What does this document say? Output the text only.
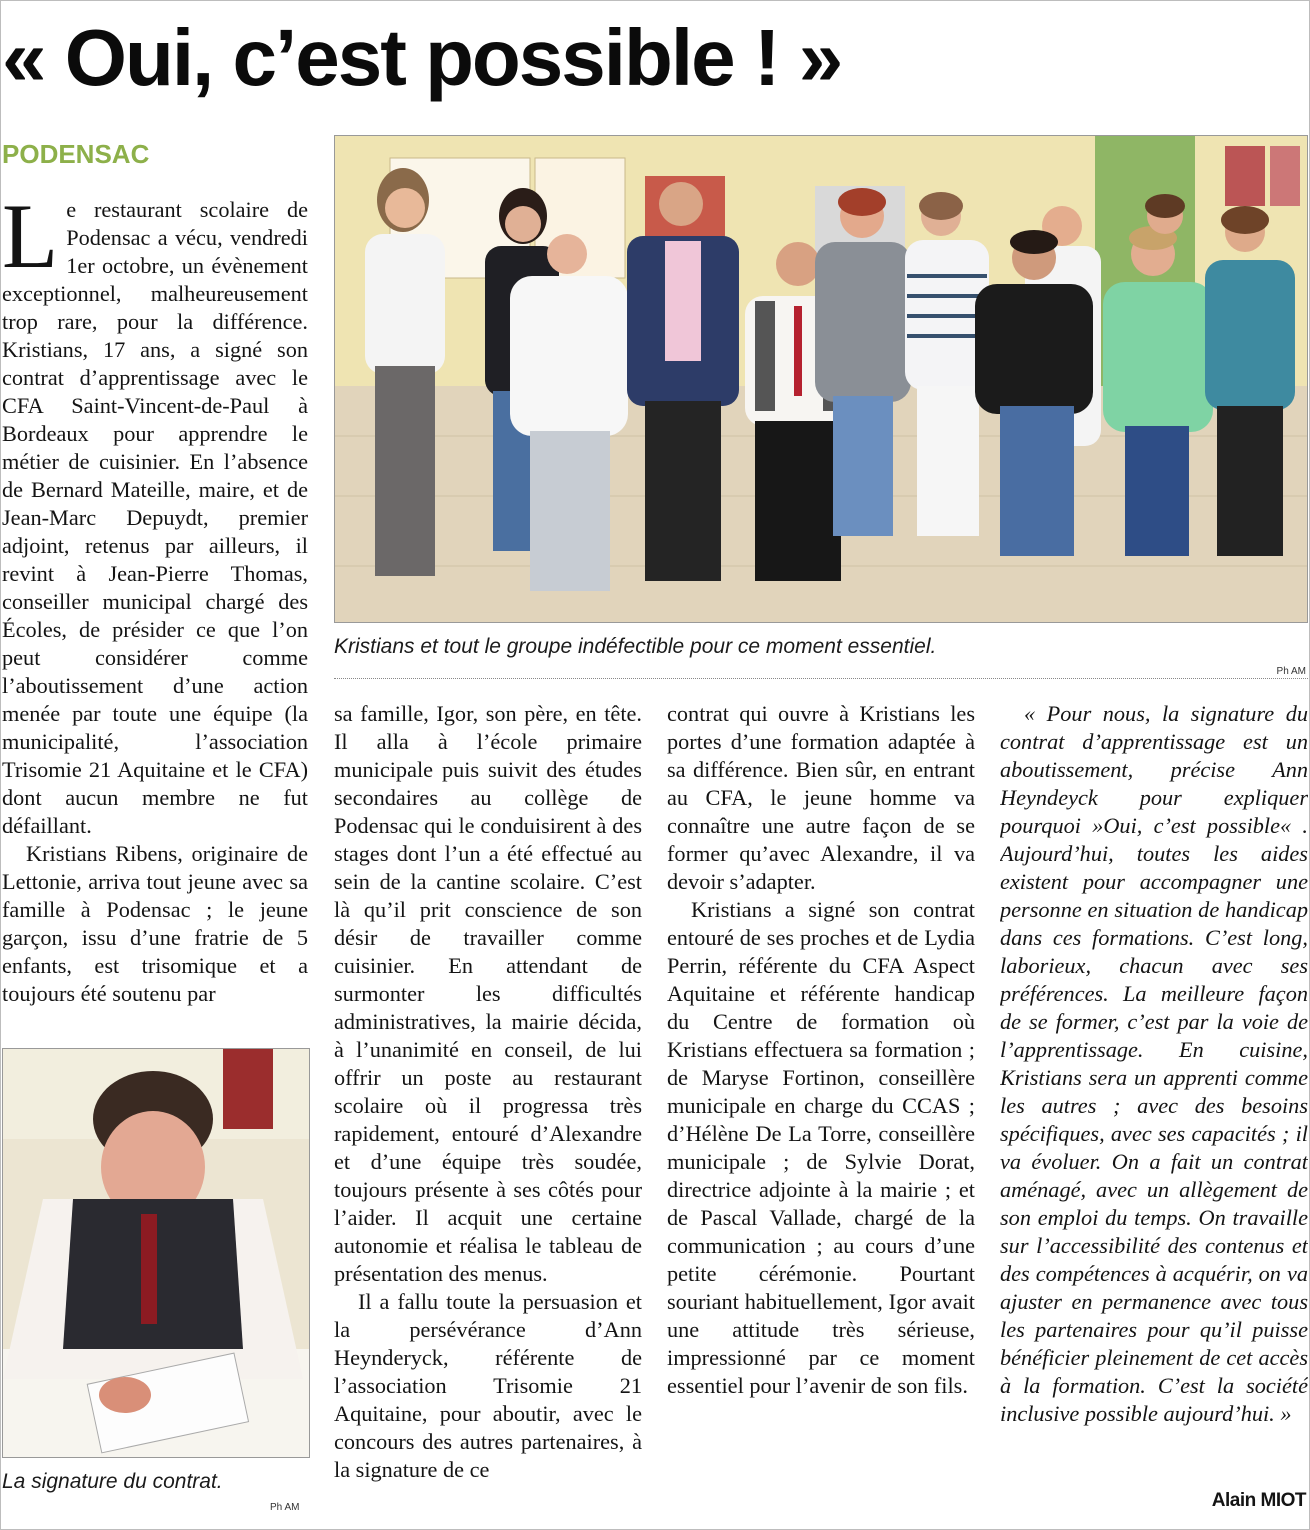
« Oui, c’est possible ! »
PODENSAC

Le restaurant scolaire de Podensac a vécu, vendredi 1er octobre, un évènement exceptionnel, malheureusement trop rare, pour la différence. Kristians, 17 ans, a signé son contrat d’apprentissage avec le CFA Saint-Vincent-de-Paul à Bordeaux pour apprendre le métier de cuisinier. En l’absence de Bernard Mateille, maire, et de Jean-Marc Depuydt, premier adjoint, retenus par ailleurs, il revint à Jean-Pierre Thomas, conseiller municipal chargé des Écoles, de présider ce que l’on peut considérer comme l’aboutissement d’une action menée par toute une équipe (la municipalité, l’association Trisomie 21 Aquitaine et le CFA) dont aucun membre ne fut défaillant.

Kristians Ribens, originaire de Lettonie, arriva tout jeune avec sa famille à Podensac ; le jeune garçon, issu d’une fratrie de 5 enfants, est trisomique et a toujours été soutenu par

Kristians et tout le groupe indéfectible pour ce moment essentiel.
Ph AM
La signature du contrat.
Ph AM

sa famille, Igor, son père, en tête. Il alla à l’école primaire municipale puis suivit des études secondaires au collège de Podensac qui le conduisirent à des stages dont l’un a été effectué au sein de la cantine scolaire. C’est là qu’il prit conscience de son désir de travailler comme cuisinier. En attendant de surmonter les difficultés administratives, la mairie décida, à l’unanimité en conseil, de lui offrir un poste au restaurant scolaire où il progressa très rapidement, entouré d’Alexandre et d’une équipe très soudée, toujours présente à ses côtés pour l’aider. Il acquit une certaine autonomie et réalisa le tableau de présentation des menus.

Il a fallu toute la persuasion et la persévérance d’Ann Heynderyck, référente de l’association Trisomie 21 Aquitaine, pour aboutir, avec le concours des autres partenaires, à la signature de ce

contrat qui ouvre à Kristians les portes d’une formation adaptée à sa différence. Bien sûr, en entrant au CFA, le jeune homme va connaître une autre façon de se former qu’avec Alexandre, il va devoir s’adapter.

Kristians a signé son contrat entouré de ses proches et de Lydia Perrin, référente du CFA Aspect Aquitaine et référente handicap du Centre de formation où Kristians effectuera sa formation ; de Maryse Fortinon, conseillère municipale en charge du CCAS ; d’Hélène De La Torre, conseillère municipale ; de Sylvie Dorat, directrice adjointe à la mairie ; et de Pascal Vallade, chargé de la communication ; au cours d’une petite cérémonie. Pourtant souriant habituellement, Igor avait une attitude très sérieuse, impressionné par ce moment essentiel pour l’avenir de son fils.

« Pour nous, la signature du contrat d’apprentissage est un aboutissement, précise Ann Heyndeyck pour expliquer pourquoi »Oui, c’est possible« . Aujourd’hui, toutes les aides existent pour accompagner une personne en situation de handicap dans ces formations. C’est long, laborieux, chacun avec ses préférences. La meilleure façon de se former, c’est par la voie de l’apprentissage. En cuisine, Kristians sera un apprenti comme les autres ; avec des besoins spécifiques, avec ses capacités ; il va évoluer. On a fait un contrat aménagé, avec un allègement de son emploi du temps. On travaille sur l’accessibilité des contenus et des compétences à acquérir, on va ajuster en permanence avec tous les partenaires pour qu’il puisse bénéficier pleinement de cet accès à la formation. C’est la société inclusive possible aujourd’hui. »

Alain MIOT
